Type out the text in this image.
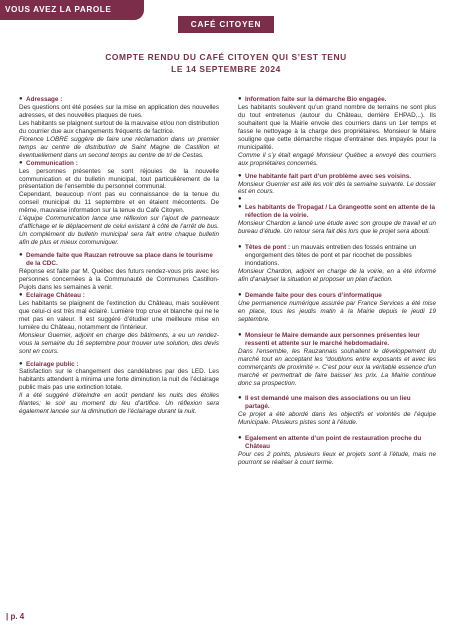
VOUS AVEZ LA PAROLE
CAFÉ CITOYEN
COMPTE RENDU DU CAFÉ CITOYEN QUI S’EST TENU
LE 14 SEPTEMBRE 2024
● Adressage :

Des questions ont été posées sur la mise en application des nouvelles adresses, et des nouvelles plaques de rues.

Les habitants se plaignent surtout de la mauvaise et/ou non distribution du courrier due aux changements fréquents de factrice.

Florence LOBRE suggère de faire une réclamation dans un premier temps au centre de distribution de Saint Magne de Castillon et éventuellement dans un second temps au centre de tri de Cestas.

● Communication :

Les personnes présentes se sont réjouies de la nouvelle communication et du bulletin municipal, tout particulièrement de la présentation de l’ensemble du personnel communal.

Cependant, beaucoup n’ont pas eu connaissance de la tenue du conseil municipal du 11 septembre et en étaient mécontents. De même, mauvaise information sur la tenue du Café Citoyen.

L’équipe Communication lance une réflexion sur l’ajout de panneaux d’affichage et le déplacement de celui existant à côté de l’arrêt de bus. Un complément du bulletin municipal sera fait entre chaque bulletin afin de plus et mieux communiquer.

● Demande faite que Rauzan retrouve sa place dans le tourisme de la CDC.

Réponse est faite par M. Québec des futurs rendez-vous pris avec les personnes concernées à la Communauté de Communes Castillon-Pujols dans les semaines à venir.

● Eclairage Château :

Les habitants se plaignent de l’extinction du Château, mais soulèvent que celui-ci est très mal éclairé. Lumière trop crue et blanche qui ne le met pas en valeur. Il est suggéré d’étudier une meilleure mise en lumière du Château, notamment de l’intérieur.

Monsieur Guerrier, adjoint en charge des bâtiments, a eu un rendez-vous la semaine du 16 septembre pour trouver une solution, des devis sont en cours.

● Eclairage public :

Satisfaction sur le changement des candélabres par des LED. Les habitants attendent à minima une forte diminution la nuit de l’éclairage public mais pas une extinction totale.

Il a été suggéré d’éteindre en août pendant les nuits des étoiles filantes; le soir au moment du feu d’artifice. Un réflexion sera également lancée sur la diminution de l’éclairage durant la nuit.

● Information faite sur la démarche Bio engagée.

Les habitants soulèvent qu’un grand nombre de terrains ne sont plus du tout entretenus (autour du Château, derrière EHPAD,..). Ils souhaitent que la Mairie envoie des courriers dans un 1er temps et fasse le nettoyage à la charge des propriétaires. Monsieur le Maire souligne que cette démarche risque d’entrainer des impayés pour la municipalité.

Comme il s’y était engagé Monsieur Québec a envoyé des courriers aux propriétaires concernés.

● Une habitante fait part d’un problème avec ses voisins.

Monsieur Guerrier est allé les voir dès la semaine suivante. Le dossier est en cours.

●
● Les habitants de Tropagat / La Grangeotte sont en attente de la réfection de la voirie.

Monsieur Chardon a lancé une étude avec son groupe de travail et un bureau d’étude. Un retour sera fait dès lors que le projet sera abouti.

● Têtes de pont : un mauvais entretien des fossés entraine un engorgement des têtes de pont et par ricochet de possibles inondations.

Monsieur Chardon, adjoint en charge de la voirie, en a été informé afin d’analyser la situation et proposer un plan d’action.

● Demande faite pour des cours d’informatique

Une permanence numérique assurée par France Services a été mise en place, tous les jeudis matin à la Mairie depuis le jeudi 19 septembre.

● Monsieur le Maire demande aux personnes présentes leur ressenti et attente sur le marché hebdomadaire.

Dans l’ensemble, les Rauzannais souhaitent le développement du marché tout en acceptant les “doublons entre exposants et avec les commerçants de proximité ». C’est pour eux la véritable essence d’un marché et permettrait de faire baisser les prix. La Mairie continue donc sa prospection.

● Il est demandé une maison des associations ou un lieu partagé.

Ce projet a été abordé dans les objectifs et volontés de l’équipe Municipale. Plusieurs pistes sont à l’étude.

● Egalement en attente d’un point de restauration proche du Château

Pour ces 2 points, plusieurs lieux et projets sont à l’étude, mais ne pourront se réaliser à court terme.

| p. 4
